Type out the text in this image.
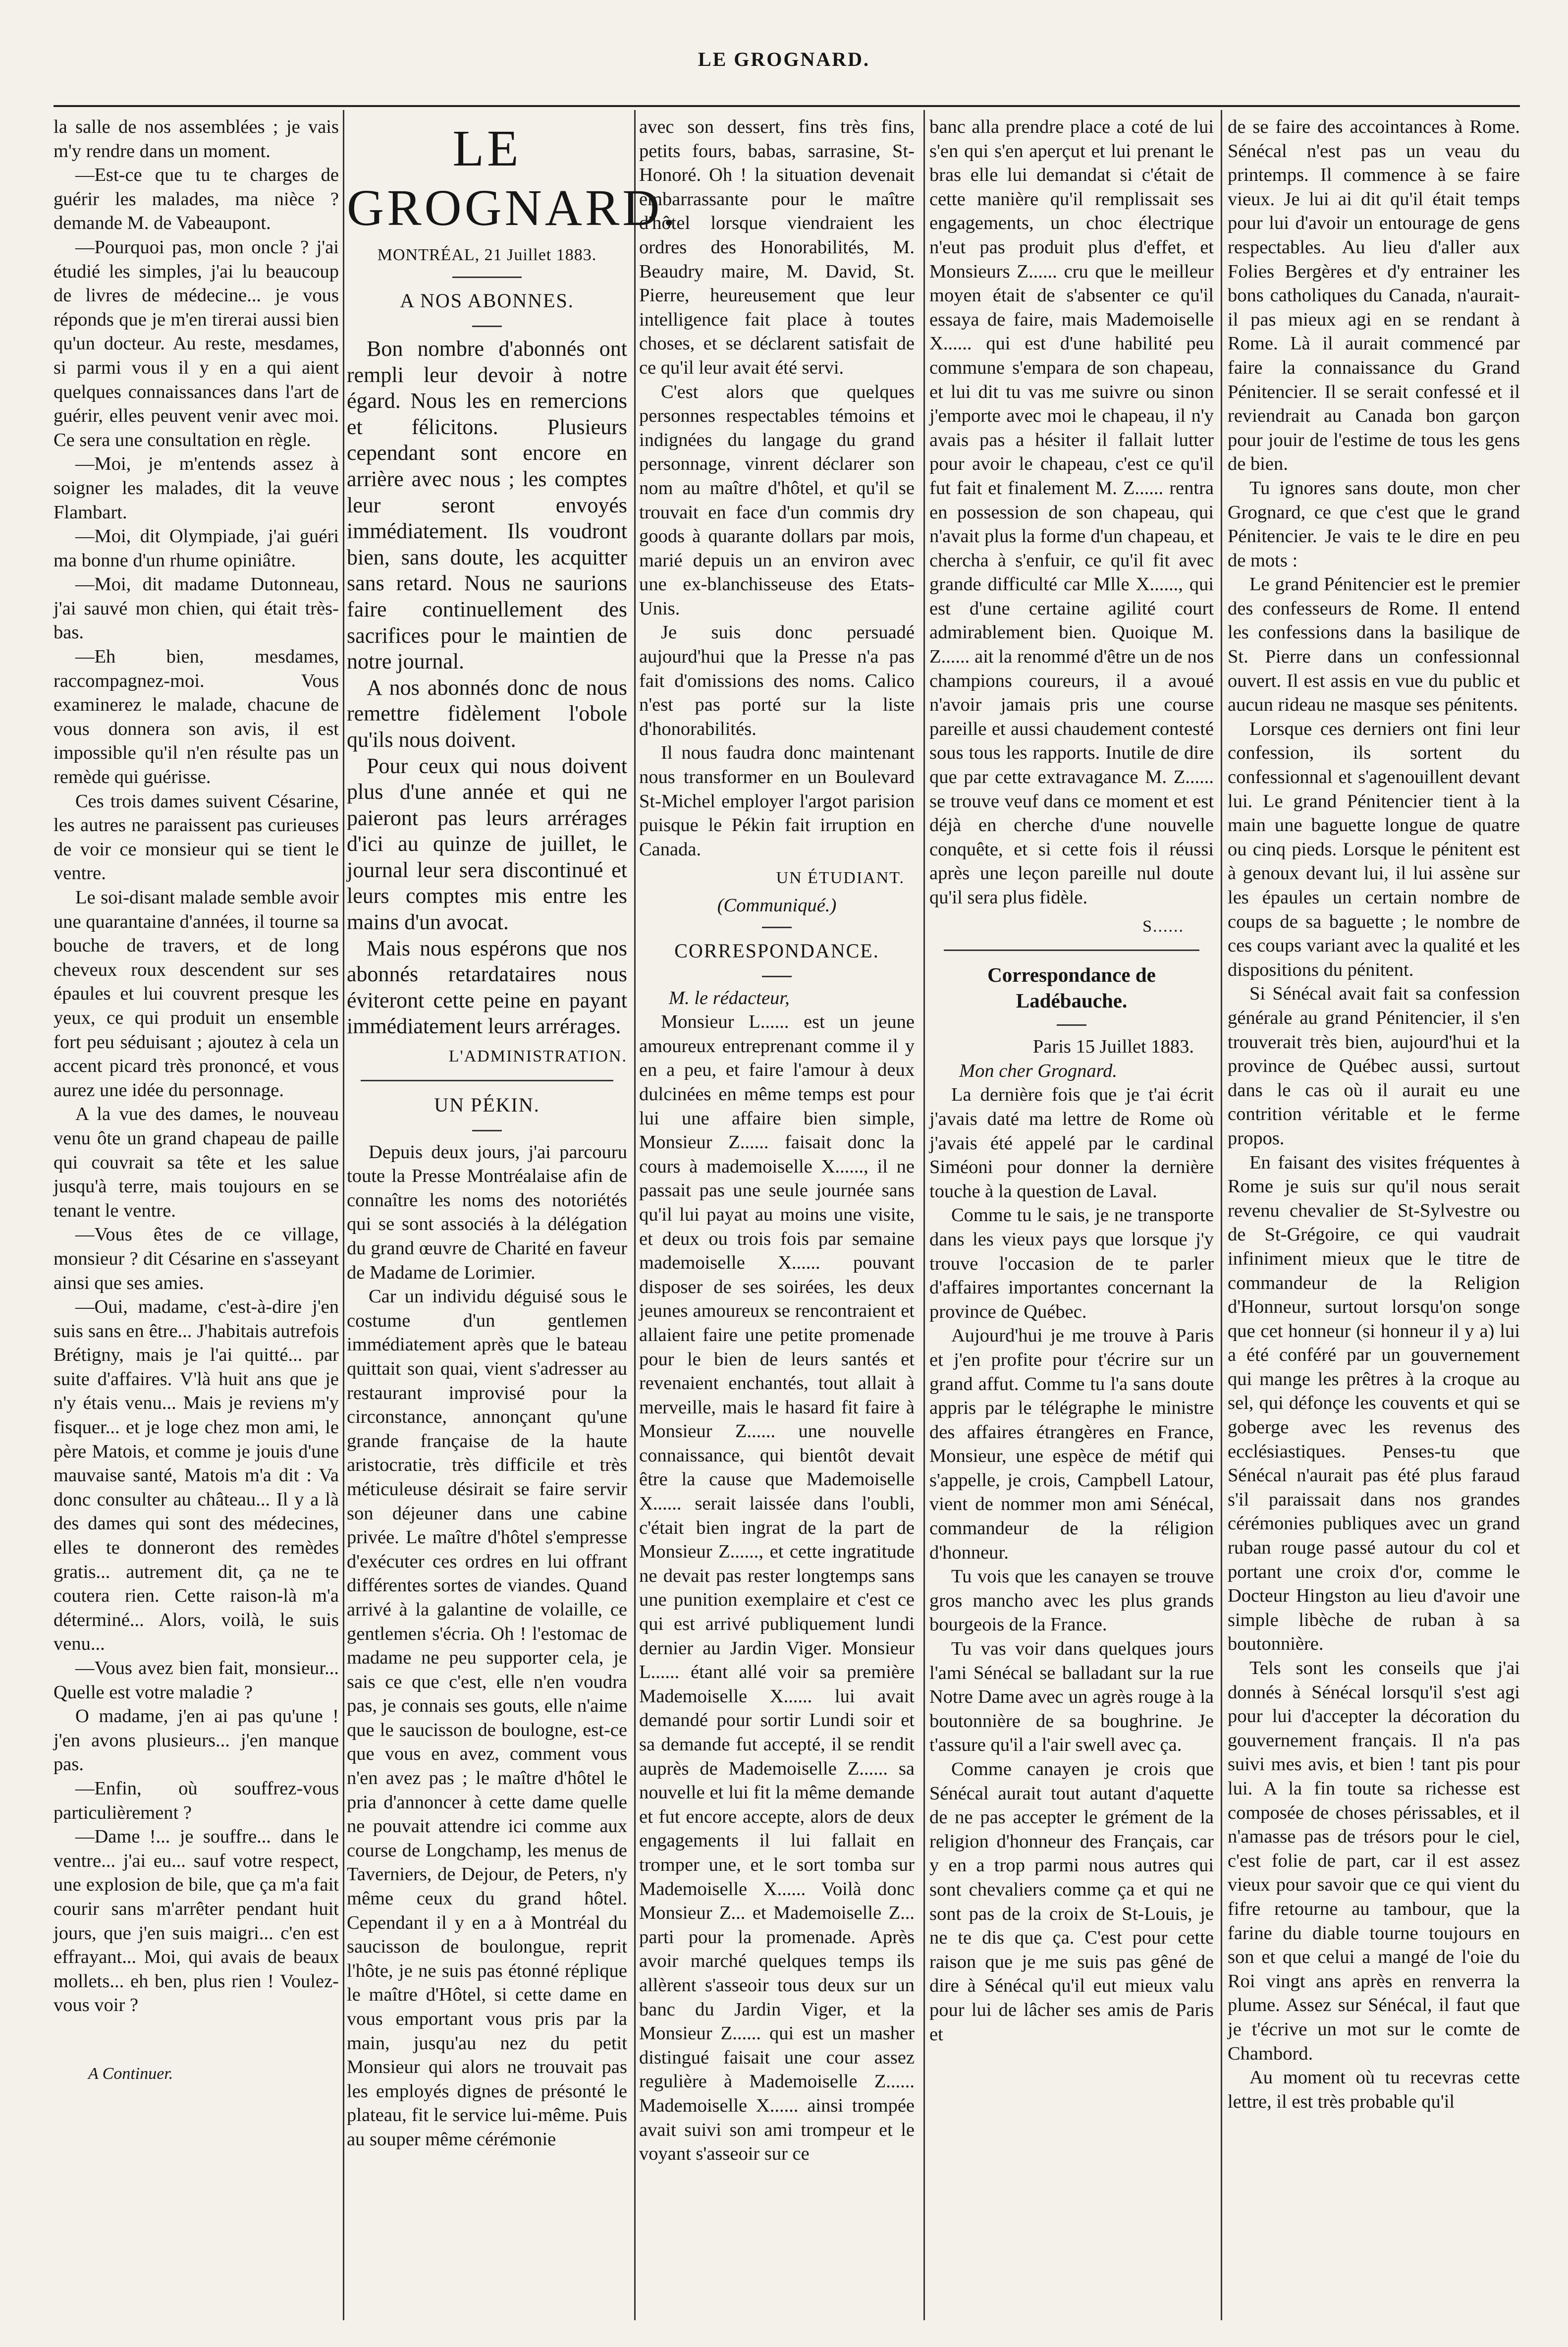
LE GROGNARD.

la salle de nos assemblées ; je vais m'y rendre dans un moment.

—Est-ce que tu te charges de guérir les malades, ma nièce ? demande M. de Vabeaupont.

—Pourquoi pas, mon oncle ? j'ai étudié les simples, j'ai lu beaucoup de livres de médecine... je vous réponds que je m'en tirerai aussi bien qu'un docteur. Au reste, mesdames, si parmi vous il y en a qui aient quelques connaissances dans l'art de guérir, elles peuvent venir avec moi. Ce sera une consultation en règle.

—Moi, je m'entends assez à soigner les malades, dit la veuve Flambart.

—Moi, dit Olympiade, j'ai guéri ma bonne d'un rhume opiniâtre.

—Moi, dit madame Dutonneau, j'ai sauvé mon chien, qui était très-bas.

—Eh bien, mesdames, raccompagnez-moi. Vous examinerez le malade, chacune de vous donnera son avis, il est impossible qu'il n'en résulte pas un remède qui guérisse.

Ces trois dames suivent Césarine, les autres ne paraissent pas curieuses de voir ce monsieur qui se tient le ventre.

Le soi-disant malade semble avoir une quarantaine d'années, il tourne sa bouche de travers, et de long cheveux roux descendent sur ses épaules et lui couvrent presque les yeux, ce qui produit un ensemble fort peu séduisant ; ajoutez à cela un accent picard très prononcé, et vous aurez une idée du personnage.

A la vue des dames, le nouveau venu ôte un grand chapeau de paille qui couvrait sa tête et les salue jusqu'à terre, mais toujours en se tenant le ventre.

—Vous êtes de ce village, monsieur ? dit Césarine en s'asseyant ainsi que ses amies.

—Oui, madame, c'est-à-dire j'en suis sans en être... J'habitais autrefois Brétigny, mais je l'ai quitté... par suite d'affaires. V'là huit ans que je n'y étais venu... Mais je reviens m'y fisquer... et je loge chez mon ami, le père Matois, et comme je jouis d'une mauvaise santé, Matois m'a dit : Va donc consulter au château... Il y a là des dames qui sont des médecines, elles te donneront des remèdes gratis... autrement dit, ça ne te coutera rien. Cette raison-là m'a déterminé... Alors, voilà, le suis venu...

—Vous avez bien fait, monsieur... Quelle est votre maladie ?

O madame, j'en ai pas qu'une ! j'en avons plusieurs... j'en manque pas.

—Enfin, où souffrez-vous particulièrement ?

—Dame !... je souffre... dans le ventre... j'ai eu... sauf votre respect, une explosion de bile, que ça m'a fait courir sans m'arrêter pendant huit jours, que j'en suis maigri... c'en est effrayant... Moi, qui avais de beaux mollets... eh ben, plus rien ! Voulez-vous voir ?

A Continuer.
LE GROGNARD.
MONTRÉAL, 21 Juillet 1883.
A NOS ABONNES.

Bon nombre d'abonnés ont rempli leur devoir à notre égard. Nous les en remercions et félicitons. Plusieurs cependant sont encore en arrière avec nous ; les comptes leur seront envoyés immédiatement. Ils voudront bien, sans doute, les acquitter sans retard. Nous ne saurions faire continuellement des sacrifices pour le maintien de notre journal.

A nos abonnés donc de nous remettre fidèlement l'obole qu'ils nous doivent.

Pour ceux qui nous doivent plus d'une année et qui ne paieront pas leurs arrérages d'ici au quinze de juillet, le journal leur sera discontinué et leurs comptes mis entre les mains d'un avocat.

Mais nous espérons que nos abonnés retardataires nous éviteront cette peine en payant immédiatement leurs arrérages.

L'ADMINISTRATION.
UN PÉKIN.

Depuis deux jours, j'ai parcouru toute la Presse Montréalaise afin de connaître les noms des notoriétés qui se sont associés à la délégation du grand œuvre de Charité en faveur de Madame de Lorimier.

Car un individu déguisé sous le costume d'un gentlemen immédiatement après que le bateau quittait son quai, vient s'adresser au restaurant improvisé pour la circonstance, annonçant qu'une grande française de la haute aristocratie, très difficile et très méticuleuse désirait se faire servir son déjeuner dans une cabine privée. Le maître d'hôtel s'empresse d'exécuter ces ordres en lui offrant différentes sortes de viandes. Quand arrivé à la galantine de volaille, ce gentlemen s'écria. Oh ! l'estomac de madame ne peu supporter cela, je sais ce que c'est, elle n'en voudra pas, je connais ses gouts, elle n'aime que le saucisson de boulogne, est-ce que vous en avez, comment vous n'en avez pas ; le maître d'hôtel le pria d'annoncer à cette dame quelle ne pouvait attendre ici comme aux course de Longchamp, les menus de Taverniers, de Dejour, de Peters, n'y même ceux du grand hôtel. Cependant il y en a à Montréal du saucisson de boulongue, reprit l'hôte, je ne suis pas étonné réplique le maître d'Hôtel, si cette dame en vous emportant vous pris par la main, jusqu'au nez du petit Monsieur qui alors ne trouvait pas les employés dignes de présonté le plateau, fit le service lui-même. Puis au souper même cérémonie

avec son dessert, fins très fins, petits fours, babas, sarrasine, St-Honoré. Oh ! la situation devenait embarrassante pour le maître d'hôtel lorsque viendraient les ordres des Honorabilités, M. Beaudry maire, M. David, St. Pierre, heureusement que leur intelligence fait place à toutes choses, et se déclarent satisfait de ce qu'il leur avait été servi.

C'est alors que quelques personnes respectables témoins et indignées du langage du grand personnage, vinrent déclarer son nom au maître d'hôtel, et qu'il se trouvait en face d'un commis dry goods à quarante dollars par mois, marié depuis un an environ avec une ex-blanchisseuse des Etats-Unis.

Je suis donc persuadé aujourd'hui que la Presse n'a pas fait d'omissions des noms. Calico n'est pas porté sur la liste d'honorabilités.

Il nous faudra donc maintenant nous transformer en un Boulevard St-Michel employer l'argot parision puisque le Pékin fait irruption en Canada.

UN ÉTUDIANT.
(Communiqué.)
CORRESPONDANCE.

M. le rédacteur,

Monsieur L...... est un jeune amoureux entreprenant comme il y en a peu, et faire l'amour à deux dulcinées en même temps est pour lui une affaire bien simple, Monsieur Z...... faisait donc la cours à mademoiselle X......, il ne passait pas une seule journée sans qu'il lui payat au moins une visite, et deux ou trois fois par semaine mademoiselle X...... pouvant disposer de ses soirées, les deux jeunes amoureux se rencontraient et allaient faire une petite promenade pour le bien de leurs santés et revenaient enchantés, tout allait à merveille, mais le hasard fit faire à Monsieur Z...... une nouvelle connaissance, qui bientôt devait être la cause que Mademoiselle X...... serait laissée dans l'oubli, c'était bien ingrat de la part de Monsieur Z......, et cette ingratitude ne devait pas rester longtemps sans une punition exemplaire et c'est ce qui est arrivé publiquement lundi dernier au Jardin Viger. Monsieur L...... étant allé voir sa première Mademoiselle X...... lui avait demandé pour sortir Lundi soir et sa demande fut accepté, il se rendit auprès de Mademoiselle Z...... sa nouvelle et lui fit la même demande et fut encore accepte, alors de deux engagements il lui fallait en tromper une, et le sort tomba sur Mademoiselle X...... Voilà donc Monsieur Z... et Mademoiselle Z... parti pour la promenade. Après avoir marché quelques temps ils allèrent s'asseoir tous deux sur un banc du Jardin Viger, et la Monsieur Z...... qui est un masher distingué faisait une cour assez regulière à Mademoiselle Z...... Mademoiselle X...... ainsi trompée avait suivi son ami trompeur et le voyant s'asseoir sur ce

banc alla prendre place a coté de lui s'en qui s'en aperçut et lui prenant le bras elle lui demandat si c'était de cette manière qu'il remplissait ses engagements, un choc électrique n'eut pas produit plus d'effet, et Monsieurs Z...... cru que le meilleur moyen était de s'absenter ce qu'il essaya de faire, mais Mademoiselle X...... qui est d'une habilité peu commune s'empara de son chapeau, et lui dit tu vas me suivre ou sinon j'emporte avec moi le chapeau, il n'y avais pas a hésiter il fallait lutter pour avoir le chapeau, c'est ce qu'il fut fait et finalement M. Z...... rentra en possession de son chapeau, qui n'avait plus la forme d'un chapeau, et chercha à s'enfuir, ce qu'il fit avec grande difficulté car Mlle X......, qui est d'une certaine agilité court admirablement bien. Quoique M. Z...... ait la renommé d'être un de nos champions coureurs, il a avoué n'avoir jamais pris une course pareille et aussi chaudement contesté sous tous les rapports. Inutile de dire que par cette extravagance M. Z...... se trouve veuf dans ce moment et est déjà en cherche d'une nouvelle conquête, et si cette fois il réussi après une leçon pareille nul doute qu'il sera plus fidèle.

S......
Correspondance de Ladébauche.

Paris 15 Juillet 1883.

Mon cher Grognard.

La dernière fois que je t'ai écrit j'avais daté ma lettre de Rome où j'avais été appelé par le cardinal Siméoni pour donner la dernière touche à la question de Laval.

Comme tu le sais, je ne transporte dans les vieux pays que lorsque j'y trouve l'occasion de te parler d'affaires importantes concernant la province de Québec.

Aujourd'hui je me trouve à Paris et j'en profite pour t'écrire sur un grand affut. Comme tu l'a sans doute appris par le télégraphe le ministre des affaires étrangères en France, Monsieur, une espèce de métif qui s'appelle, je crois, Campbell Latour, vient de nommer mon ami Sénécal, commandeur de la réligion d'honneur.

Tu vois que les canayen se trouve gros mancho avec les plus grands bourgeois de la France.

Tu vas voir dans quelques jours l'ami Sénécal se balladant sur la rue Notre Dame avec un agrès rouge à la boutonnière de sa boughrine. Je t'assure qu'il a l'air swell avec ça.

Comme canayen je crois que Sénécal aurait tout autant d'aquette de ne pas accepter le grément de la religion d'honneur des Français, car y en a trop parmi nous autres qui sont chevaliers comme ça et qui ne sont pas de la croix de St-Louis, je ne te dis que ça. C'est pour cette raison que je me suis pas gêné de dire à Sénécal qu'il eut mieux valu pour lui de lâcher ses amis de Paris et

de se faire des accointances à Rome. Sénécal n'est pas un veau du printemps. Il commence à se faire vieux. Je lui ai dit qu'il était temps pour lui d'avoir un entourage de gens respectables. Au lieu d'aller aux Folies Bergères et d'y entrainer les bons catholiques du Canada, n'aurait-il pas mieux agi en se rendant à Rome. Là il aurait commencé par faire la connaissance du Grand Pénitencier. Il se serait confessé et il reviendrait au Canada bon garçon pour jouir de l'estime de tous les gens de bien.

Tu ignores sans doute, mon cher Grognard, ce que c'est que le grand Pénitencier. Je vais te le dire en peu de mots :

Le grand Pénitencier est le premier des confesseurs de Rome. Il entend les confessions dans la basilique de St. Pierre dans un confessionnal ouvert. Il est assis en vue du public et aucun rideau ne masque ses pénitents.

Lorsque ces derniers ont fini leur confession, ils sortent du confessionnal et s'agenouillent devant lui. Le grand Pénitencier tient à la main une baguette longue de quatre ou cinq pieds. Lorsque le pénitent est à genoux devant lui, il lui assène sur les épaules un certain nombre de coups de sa baguette ; le nombre de ces coups variant avec la qualité et les dispositions du pénitent.

Si Sénécal avait fait sa confession générale au grand Pénitencier, il s'en trouverait très bien, aujourd'hui et la province de Québec aussi, surtout dans le cas où il aurait eu une contrition véritable et le ferme propos.

En faisant des visites fréquentes à Rome je suis sur qu'il nous serait revenu chevalier de St-Sylvestre ou de St-Grégoire, ce qui vaudrait infiniment mieux que le titre de commandeur de la Religion d'Honneur, surtout lorsqu'on songe que cet honneur (si honneur il y a) lui a été conféré par un gouvernement qui mange les prêtres à la croque au sel, qui défonçe les couvents et qui se goberge avec les revenus des ecclésiastiques. Penses-tu que Sénécal n'aurait pas été plus faraud s'il paraissait dans nos grandes cérémonies publiques avec un grand ruban rouge passé autour du col et portant une croix d'or, comme le Docteur Hingston au lieu d'avoir une simple libèche de ruban à sa boutonnière.

Tels sont les conseils que j'ai donnés à Sénécal lorsqu'il s'est agi pour lui d'accepter la décoration du gouvernement français. Il n'a pas suivi mes avis, et bien ! tant pis pour lui. A la fin toute sa richesse est composée de choses périssables, et il n'amasse pas de trésors pour le ciel, c'est folie de part, car il est assez vieux pour savoir que ce qui vient du fifre retourne au tambour, que la farine du diable tourne toujours en son et que celui a mangé de l'oie du Roi vingt ans après en renverra la plume. Assez sur Sénécal, il faut que je t'écrive un mot sur le comte de Chambord.

Au moment où tu recevras cette lettre, il est très probable qu'il
